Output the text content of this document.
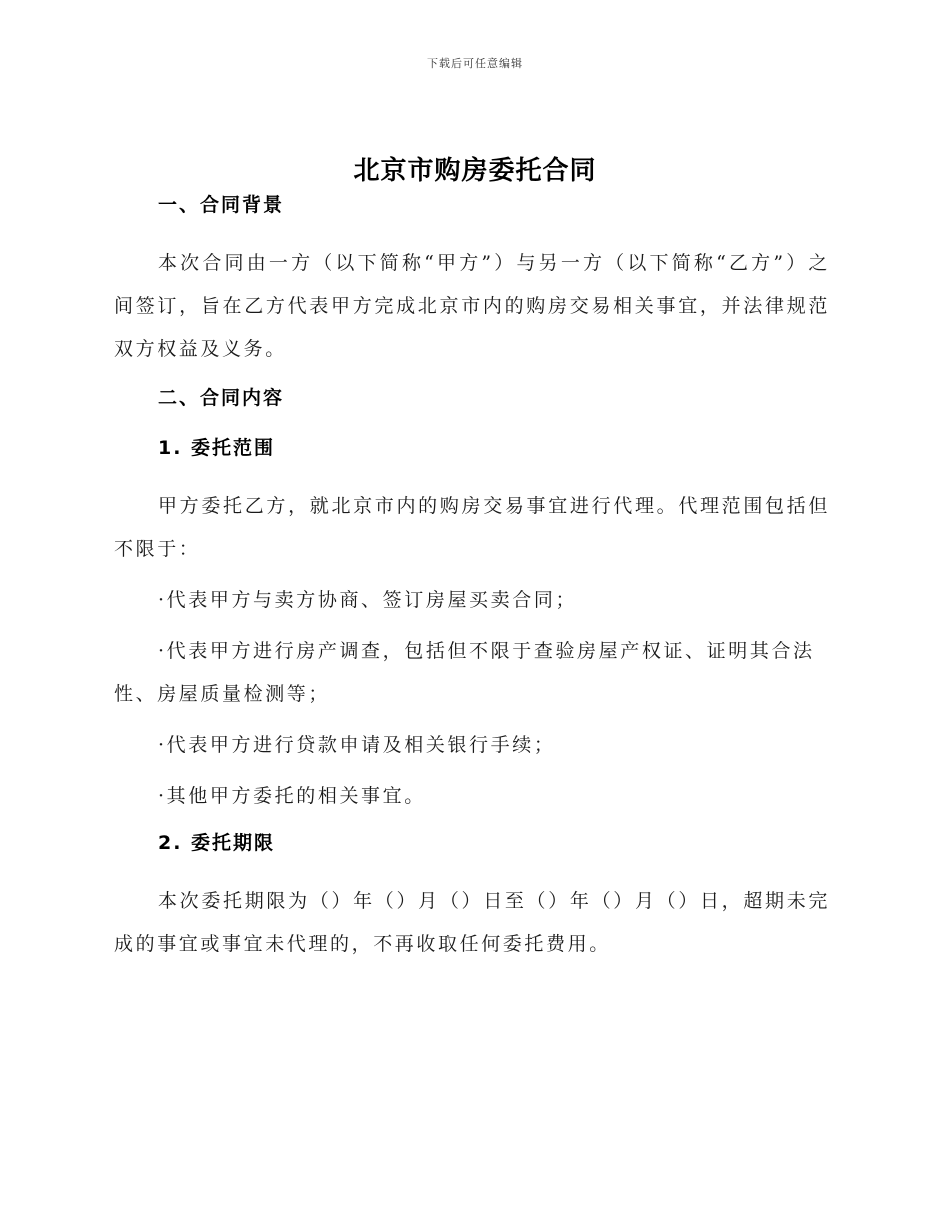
下载后可任意编辑
北京市购房委托合同
一、合同背景

本次合同由一方（以下简称“甲方”）与另一方（以下简称“乙方”）之间签订，旨在乙方代表甲方完成北京市内的购房交易相关事宜，并法律规范双方权益及义务。

二、合同内容
1. 委托范围

甲方委托乙方，就北京市内的购房交易事宜进行代理。代理范围包括但不限于：

·代表甲方与卖方协商、签订房屋买卖合同；

·代表甲方进行房产调查，包括但不限于查验房屋产权证、证明其合法性、房屋质量检测等；

·代表甲方进行贷款申请及相关银行手续；

·其他甲方委托的相关事宜。

2. 委托期限

本次委托期限为（）年（）月（）日至（）年（）月（）日，超期未完成的事宜或事宜未代理的，不再收取任何委托费用。
